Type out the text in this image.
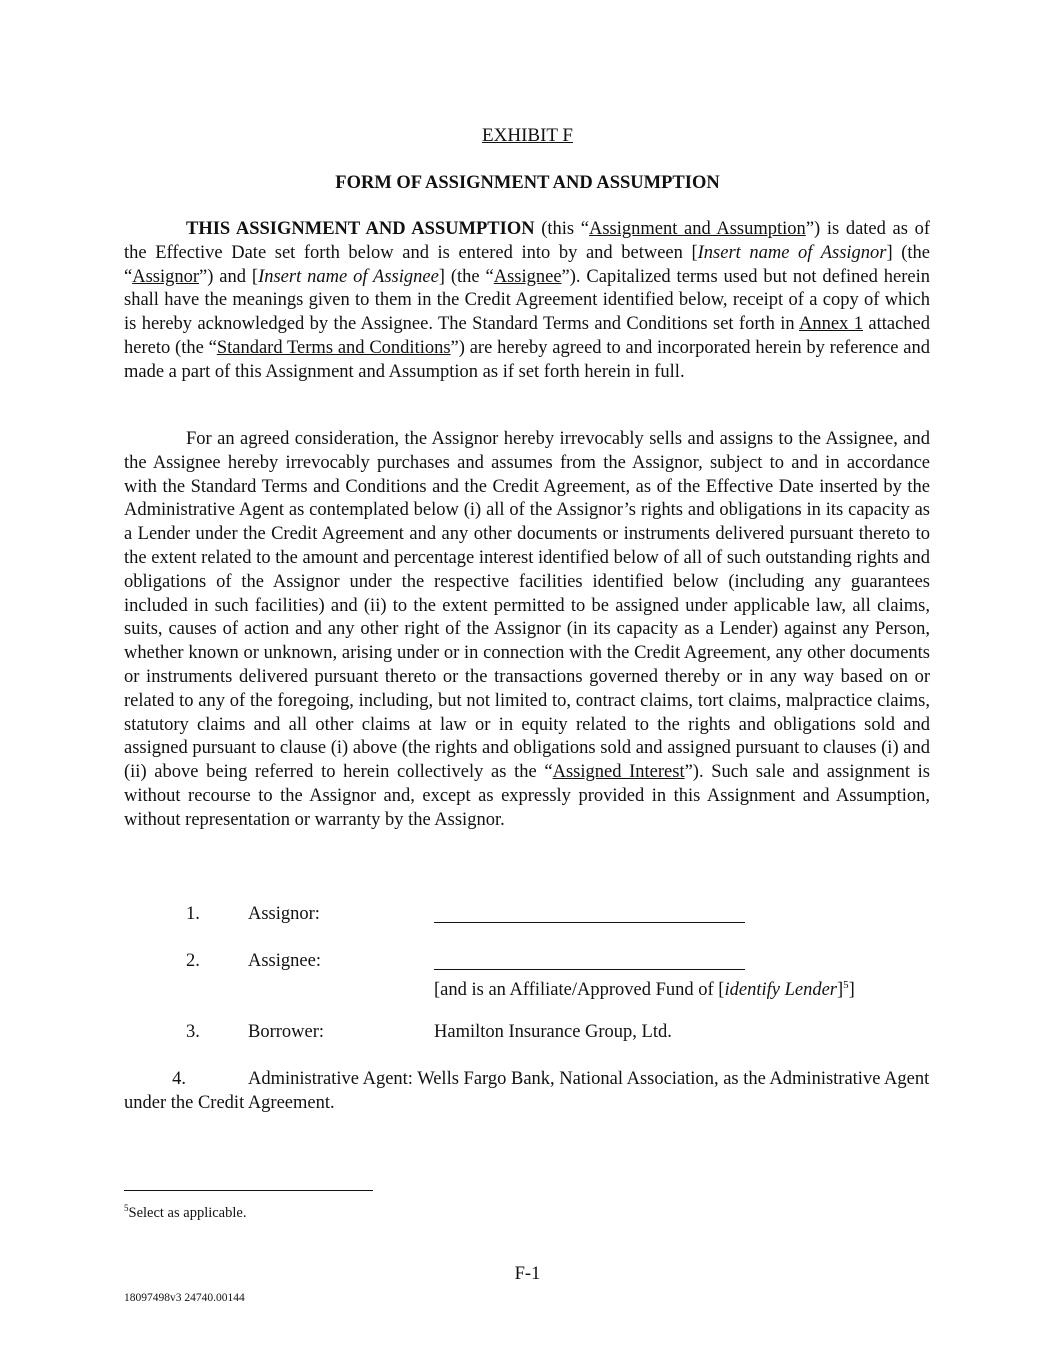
EXHIBIT F
FORM OF ASSIGNMENT AND ASSUMPTION

THIS ASSIGNMENT AND ASSUMPTION (this “Assignment and Assumption”) is dated as of the Effective Date set forth below and is entered into by and between [Insert name of Assignor] (the “Assignor”) and [Insert name of Assignee] (the “Assignee”). Capitalized terms used but not defined herein shall have the meanings given to them in the Credit Agreement identified below, receipt of a copy of which is hereby acknowledged by the Assignee. The Standard Terms and Conditions set forth in Annex 1 attached hereto (the “Standard Terms and Conditions”) are hereby agreed to and incorporated herein by reference and made a part of this Assignment and Assumption as if set forth herein in full.

For an agreed consideration, the Assignor hereby irrevocably sells and assigns to the Assignee, and the Assignee hereby irrevocably purchases and assumes from the Assignor, subject to and in accordance with the Standard Terms and Conditions and the Credit Agreement, as of the Effective Date inserted by the Administrative Agent as contemplated below (i) all of the Assignor’s rights and obligations in its capacity as a Lender under the Credit Agreement and any other documents or instruments delivered pursuant thereto to the extent related to the amount and percentage interest identified below of all of such outstanding rights and obligations of the Assignor under the respective facilities identified below (including any guarantees included in such facilities) and (ii) to the extent permitted to be assigned under applicable law, all claims, suits, causes of action and any other right of the Assignor (in its capacity as a Lender) against any Person, whether known or unknown, arising under or in connection with the Credit Agreement, any other documents or instruments delivered pursuant thereto or the transactions governed thereby or in any way based on or related to any of the foregoing, including, but not limited to, contract claims, tort claims, malpractice claims, statutory claims and all other claims at law or in equity related to the rights and obligations sold and assigned pursuant to clause (i) above (the rights and obligations sold and assigned pursuant to clauses (i) and (ii) above being referred to herein collectively as the “Assigned Interest”). Such sale and assignment is without recourse to the Assignor and, except as expressly provided in this Assignment and Assumption, without representation or warranty by the Assignor.

1.	Assignor:
2.	Assignee:
[and is an Affiliate/Approved Fund of [identify Lender]$^5$]
3.	Borrower:	Hamilton Insurance Group, Ltd.

4.	Administrative Agent: Wells Fargo Bank, National Association, as the Administrative Agent under the Credit Agreement.

$^5$Select as applicable.
F-1
18097498v3 24740.00144
